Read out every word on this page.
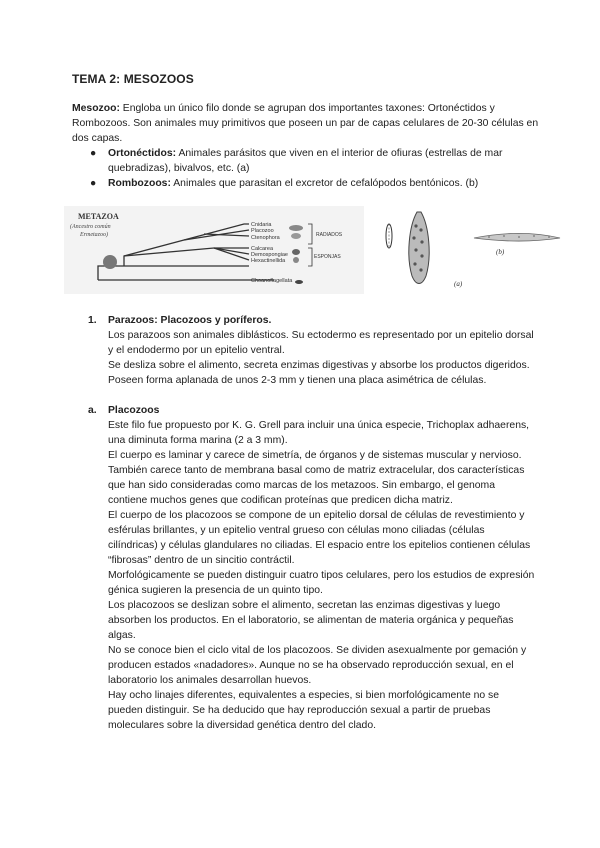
TEMA 2: MESOZOOS
Mesozoo: Engloba un único filo donde se agrupan dos importantes taxones: Ortonéctidos y Rombozoos. Son animales muy primitivos que poseen un par de capas celulares de 20-30 células en dos capas.
● Ortonéctidos: Animales parásitos que viven en el interior de ofiuras (estrellas de mar quebradizas), bivalvos, etc. (a)
● Rombozoos: Animales que parasitan el excretor de cefalópodos bentónicos. (b)
METAZOA
(Ancestro común
Ermetazoo)
Cnidaria
Placozoo
Ctenophora
Calcarea
Demospongiae
Hexactinellida
Choanoflagellata
RADIADOS
ESPONJAS
(a)
(b)
1. Parazoos: Placozoos y poríferos.

Los parazoos son animales diblásticos. Su ectodermo es representado por un epitelio dorsal y el endodermo por un epitelio ventral.

Se desliza sobre el alimento, secreta enzimas digestivas y absorbe los productos digeridos.

Poseen forma aplanada de unos 2-3 mm y tienen una placa asimétrica de células.

a. Placozoos

Este filo fue propuesto por K. G. Grell para incluir una única especie, Trichoplax adhaerens, una diminuta forma marina (2 a 3 mm).

El cuerpo es laminar y carece de simetría, de órganos y de sistemas muscular y nervioso. También carece tanto de membrana basal como de matriz extracelular, dos características que han sido consideradas como marcas de los metazoos. Sin embargo, el genoma contiene muchos genes que codifican proteínas que predicen dicha matriz.

El cuerpo de los placozoos se compone de un epitelio dorsal de células de revestimiento y esférulas brillantes, y un epitelio ventral grueso con células mono ciliadas (células cilíndricas) y células glandulares no ciliadas. El espacio entre los epitelios contienen células “fibrosas” dentro de un sincitio contráctil.

Morfológicamente se pueden distinguir cuatro tipos celulares, pero los estudios de expresión génica sugieren la presencia de un quinto tipo.

Los placozoos se deslizan sobre el alimento, secretan las enzimas digestivas y luego absorben los productos. En el laboratorio, se alimentan de materia orgánica y pequeñas algas.

No se conoce bien el ciclo vital de los placozoos. Se dividen asexualmente por gemación y producen estados «nadadores». Aunque no se ha observado reproducción sexual, en el laboratorio los animales desarrollan huevos.

Hay ocho linajes diferentes, equivalentes a especies, si bien morfológicamente no se pueden distinguir. Se ha deducido que hay reproducción sexual a partir de pruebas moleculares sobre la diversidad genética dentro del clado.
